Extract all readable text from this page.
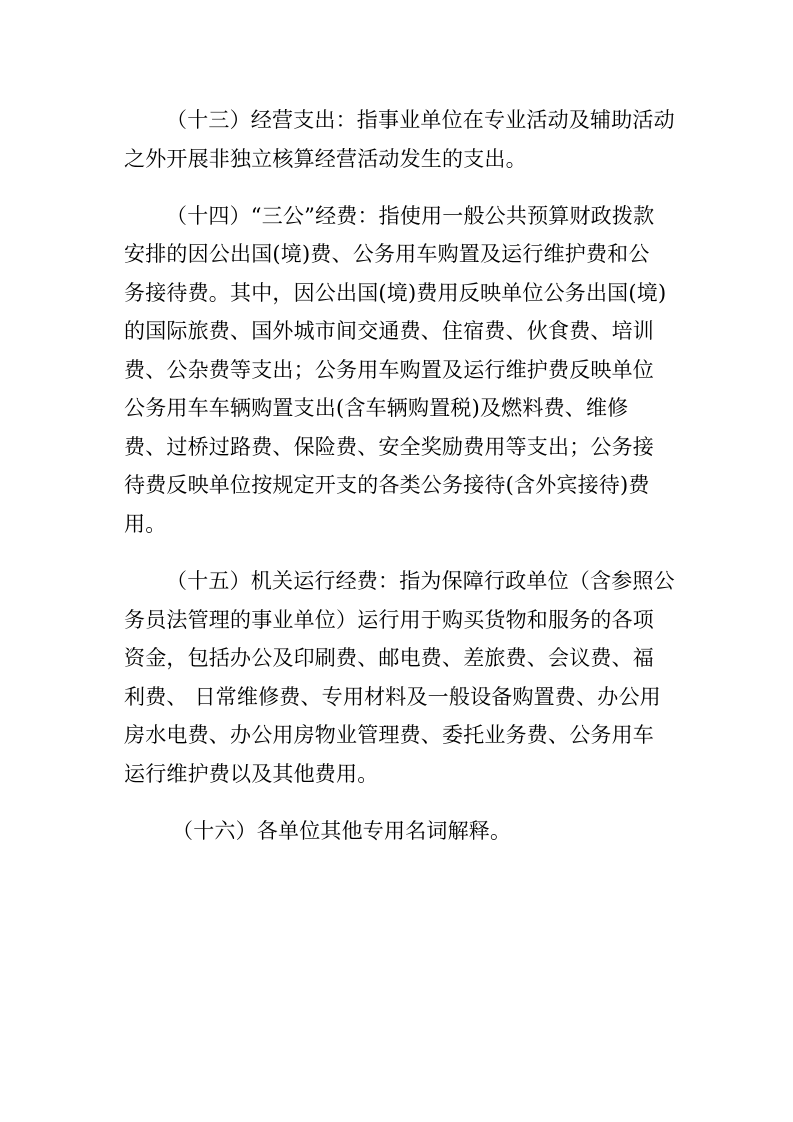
（十三）经营支出：指事业单位在专业活动及辅助活动
之外开展非独立核算经营活动发生的支出。
（十四）“三公”经费：指使用一般公共预算财政拨款
安排的因公出国(境)费、公务用车购置及运行维护费和公
务接待费。其中，因公出国(境)费用反映单位公务出国(境)
的国际旅费、国外城市间交通费、住宿费、伙食费、培训
费、公杂费等支出；公务用车购置及运行维护费反映单位
公务用车车辆购置支出(含车辆购置税)及燃料费、维修
费、过桥过路费、保险费、安全奖励费用等支出；公务接
待费反映单位按规定开支的各类公务接待(含外宾接待)费
用。
（十五）机关运行经费：指为保障行政单位（含参照公
务员法管理的事业单位）运行用于购买货物和服务的各项
资金，包括办公及印刷费、邮电费、差旅费、会议费、福
利费、 日常维修费、专用材料及一般设备购置费、办公用
房水电费、办公用房物业管理费、委托业务费、公务用车
运行维护费以及其他费用。
（十六）各单位其他专用名词解释。
